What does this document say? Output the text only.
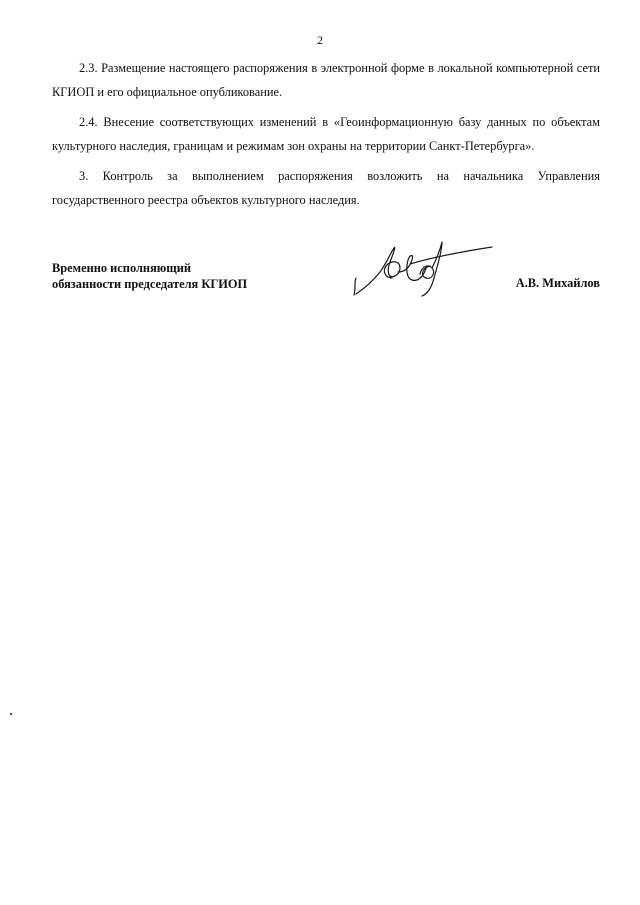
2

2.3. Размещение настоящего распоряжения в электронной форме в локальной компьютерной сети КГИОП и его официальное опубликование.

2.4. Внесение соответствующих изменений в «Геоинформационную базу данных по объектам культурного наследия, границам и режимам зон охраны на территории Санкт-Петербурга».

3. Контроль за выполнением распоряжения возложить на начальника Управления государственного реестра объектов культурного наследия.

Временно исполняющий
обязанности председателя КГИОП	А.В. Михайлов
